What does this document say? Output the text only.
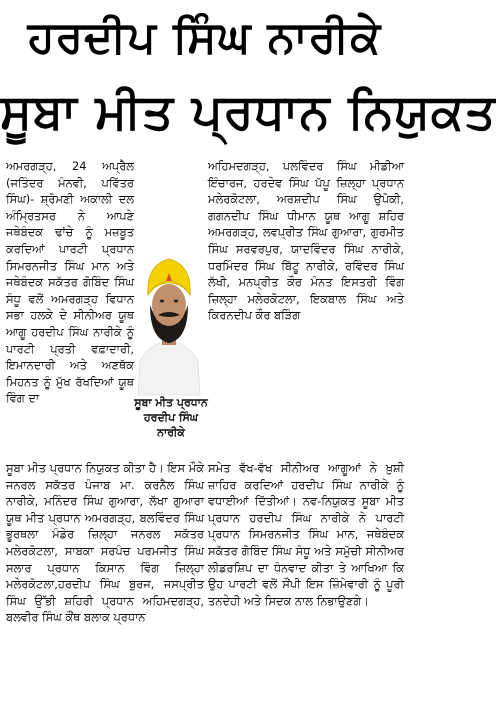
ਹਰਦੀਪ ਸਿੰਘ ਨਾਰੀਕੇ
ਸੂਬਾ ਮੀਤ ਪ੍ਰਧਾਨ ਨਿਯੁਕਤ

ਅਮਰਗੜ੍ਹ, 24 ਅਪ੍ਰੈਲ (ਜਤਿੰਦਰ ਮੰਨਵੀ, ਪਵਿੱਤਰ ਸਿੰਘ)- ਸ਼੍ਰੋਮਣੀ ਅਕਾਲੀ ਦਲ ਅੰਮ੍ਰਿਤਸਰ ਨੇ ਆਪਣੇ ਜਥੇਬੰਦਕ ਢਾਂਚੇ ਨੂੰ ਮਜ਼ਬੂਤ ਕਰਦਿਆਂ ਪਾਰਟੀ ਪ੍ਰਧਾਨ ਸਿਮਰਨਜੀਤ ਸਿੰਘ ਮਾਨ ਅਤੇ ਜਥੇਬੰਦਕ ਸਕੱਤਰ ਗੋਬਿੰਦ ਸਿੰਘ ਸੰਧੂ ਵਲੋਂ ਅਮਰਗੜ੍ਹ ਵਿਧਾਨ ਸਭਾ ਹਲਕੇ ਦੇ ਸੀਨੀਅਰ ਯੂਥ ਆਗੂ ਹਰਦੀਪ ਸਿੰਘ ਨਾਰੀਕੇ ਨੂੰ ਪਾਰਟੀ ਪ੍ਰਤੀ ਵਫ਼ਾਦਾਰੀ, ਇਮਾਨਦਾਰੀ ਅਤੇ ਅਣਥੱਕ ਮਿਹਨਤ ਨੂੰ ਮੁੱਖ ਰੱਖਦਿਆਂ ਯੂਥ ਵਿੰਗ ਦਾ

ਅਹਿਮਦਗੜ੍ਹ, ਪਲਵਿੰਦਰ ਸਿੰਘ ਮੀਡੀਆ ਇੰਚਾਰਜ, ਹਰਦੇਵ ਸਿੰਘ ਪੱਪੂ ਜ਼ਿਲ੍ਹਾ ਪ੍ਰਧਾਨ ਮਲੇਰਕੋਟਲਾ, ਅਰਸ਼ਦੀਪ ਸਿੰਘ ਉਪੋਕੀ, ਗਗਨਦੀਪ ਸਿੰਘ ਧੀਮਾਨ ਯੂਥ ਆਗੂ ਸ਼ਹਿਰ ਅਮਰਗੜ੍ਹ, ਲਵਪ੍ਰੀਤ ਸਿੰਘ ਗੁਆਰਾ, ਗੁਰਮੀਤ ਸਿੰਘ ਸਰਵਰਪੁਰ, ਯਾਦਵਿੰਦਰ ਸਿੰਘ ਨਾਰੀਕੇ, ਧਰਮਿੰਦਰ ਸਿੰਘ ਬਿੱਟੂ ਨਾਰੀਕੇ, ਰਵਿੰਦਰ ਸਿੰਘ ਲੱਖੀ, ਮਨਪ੍ਰੀਤ ਕੌਰ ਮੰਨਤ ਇਸਤਰੀ ਵਿੰਗ ਜ਼ਿਲ੍ਹਾ ਮਲੇਰਕੋਟਲਾ, ਇਕਬਾਲ ਸਿੰਘ ਅਤੇ ਕਿਰਨਦੀਪ ਕੌਰ ਬੜਿੰਗ

ਸੂਬਾ ਮੀਤ ਪ੍ਰਧਾਨ ਹਰਦੀਪ ਸਿੰਘ ਨਾਰੀਕੇ

ਸੂਬਾ ਮੀਤ ਪ੍ਰਧਾਨ ਨਿਯੁਕਤ ਕੀਤਾ ਹੈ। ਇਸ ਮੌਕੇ ਜਨਰਲ ਸਕੱਤਰ ਪੰਜਾਬ ਮਾ. ਕਰਨੈਲ ਸਿੰਘ ਨਾਰੀਕੇ, ਮਨਿੰਦਰ ਸਿੰਘ ਗੁਆਰਾ, ਲੱਖਾ ਗੁਆਰਾ ਯੂਥ ਮੀਤ ਪ੍ਰਧਾਨ ਅਮਰਗੜ੍ਹ, ਬਲਵਿੰਦਰ ਸਿੰਘ ਭੂਰਥਲਾ ਮੰਡੇਰ ਜ਼ਿਲ੍ਹਾ ਜਨਰਲ ਸਕੱਤਰ ਮਲੇਰਕੋਟਲਾ, ਸਾਬਕਾ ਸਰਪੰਚ ਪਰਮਜੀਤ ਸਿੰਘ ਸਲਾਰ ਪ੍ਰਧਾਨ ਕਿਸਾਨ ਵਿੰਗ ਜ਼ਿਲ੍ਹਾ ਮਲੇਰਕੋਟਲਾ,ਹਰਦੀਪ ਸਿੰਘ ਬੁਰਜ, ਜਸਪ੍ਰੀਤ ਸਿੰਘ ਉੱਭੀ ਸ਼ਹਿਰੀ ਪ੍ਰਧਾਨ ਅਹਿਮਦਗੜ੍ਹ, ਬਲਵੀਰ ਸਿੰਘ ਕੌਂਥ ਬਲਾਕ ਪ੍ਰਧਾਨ

ਸਮੇਤ ਵੱਖ-ਵੱਖ ਸੀਨੀਅਰ ਆਗੂਆਂ ਨੇ ਖ਼ੁਸ਼ੀ ਜ਼ਾਹਿਰ ਕਰਦਿਆਂ ਹਰਦੀਪ ਸਿੰਘ ਨਾਰੀਕੇ ਨੂੰ ਵਧਾਈਆਂ ਦਿੱਤੀਆਂ। ਨਵ-ਨਿਯੁਕਤ ਸੂਬਾ ਮੀਤ ਪ੍ਰਧਾਨ ਹਰਦੀਪ ਸਿੰਘ ਨਾਰੀਕੇ ਨੇ ਪਾਰਟੀ ਪ੍ਰਧਾਨ ਸਿਮਰਨਜੀਤ ਸਿੰਘ ਮਾਨ, ਜਥੇਬੰਦਕ ਸਕੱਤਰ ਗੋਬਿੰਦ ਸਿੰਘ ਸੰਧੂ ਅਤੇ ਸਮੁੱਚੀ ਸੀਨੀਅਰ ਲੀਡਰਸ਼ਿਪ ਦਾ ਧੰਨਵਾਦ ਕੀਤਾ ਤੇ ਆਖਿਆ ਕਿ ਉਹ ਪਾਰਟੀ ਵਲੋਂ ਸੌਂਪੀ ਇਸ ਜ਼ਿੰਮੇਵਾਰੀ ਨੂੰ ਪੂਰੀ ਤਨਦੇਹੀ ਅਤੇ ਸਿਦਕ ਨਾਲ ਨਿਭਾਉਣਗੇ।
